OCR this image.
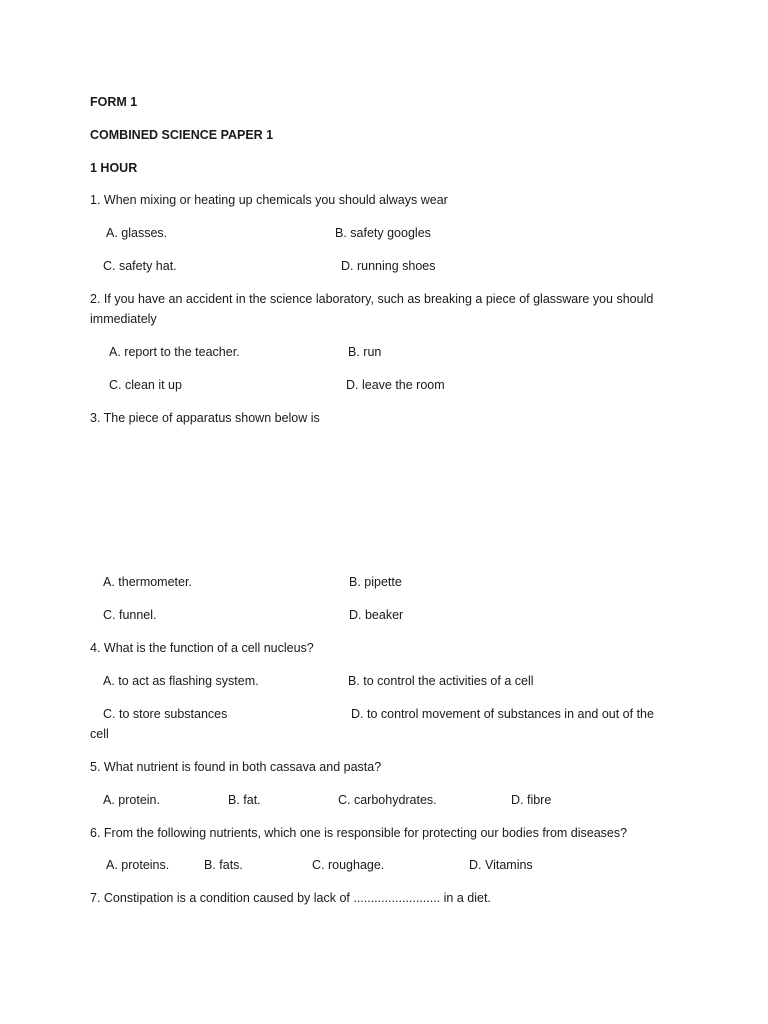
FORM 1
COMBINED SCIENCE PAPER 1
1 HOUR
1. When mixing or heating up chemicals you should always wear
A. glasses.	B. safety googles
C. safety hat.	D. running shoes
2. If you have an accident in the science laboratory, such as breaking a piece of glassware you should
immediately
A. report to the teacher.	B. run
C. clean it up	D. leave the room
3. The piece of apparatus shown below is
A. thermometer.	B. pipette
C. funnel.	D. beaker
4. What is the function of a cell nucleus?
A. to act as flashing system.	B. to control the activities of a cell
C. to store substances	D. to control movement of substances in and out of the
cell
5. What nutrient is found in both cassava and pasta?
A. protein.	B. fat.	C. carbohydrates.	D. fibre
6. From the following nutrients, which one is responsible for protecting our bodies from diseases?
A. proteins.	B. fats.	C. roughage.	D. Vitamins
7. Constipation is a condition caused by lack of ......................... in a diet.
